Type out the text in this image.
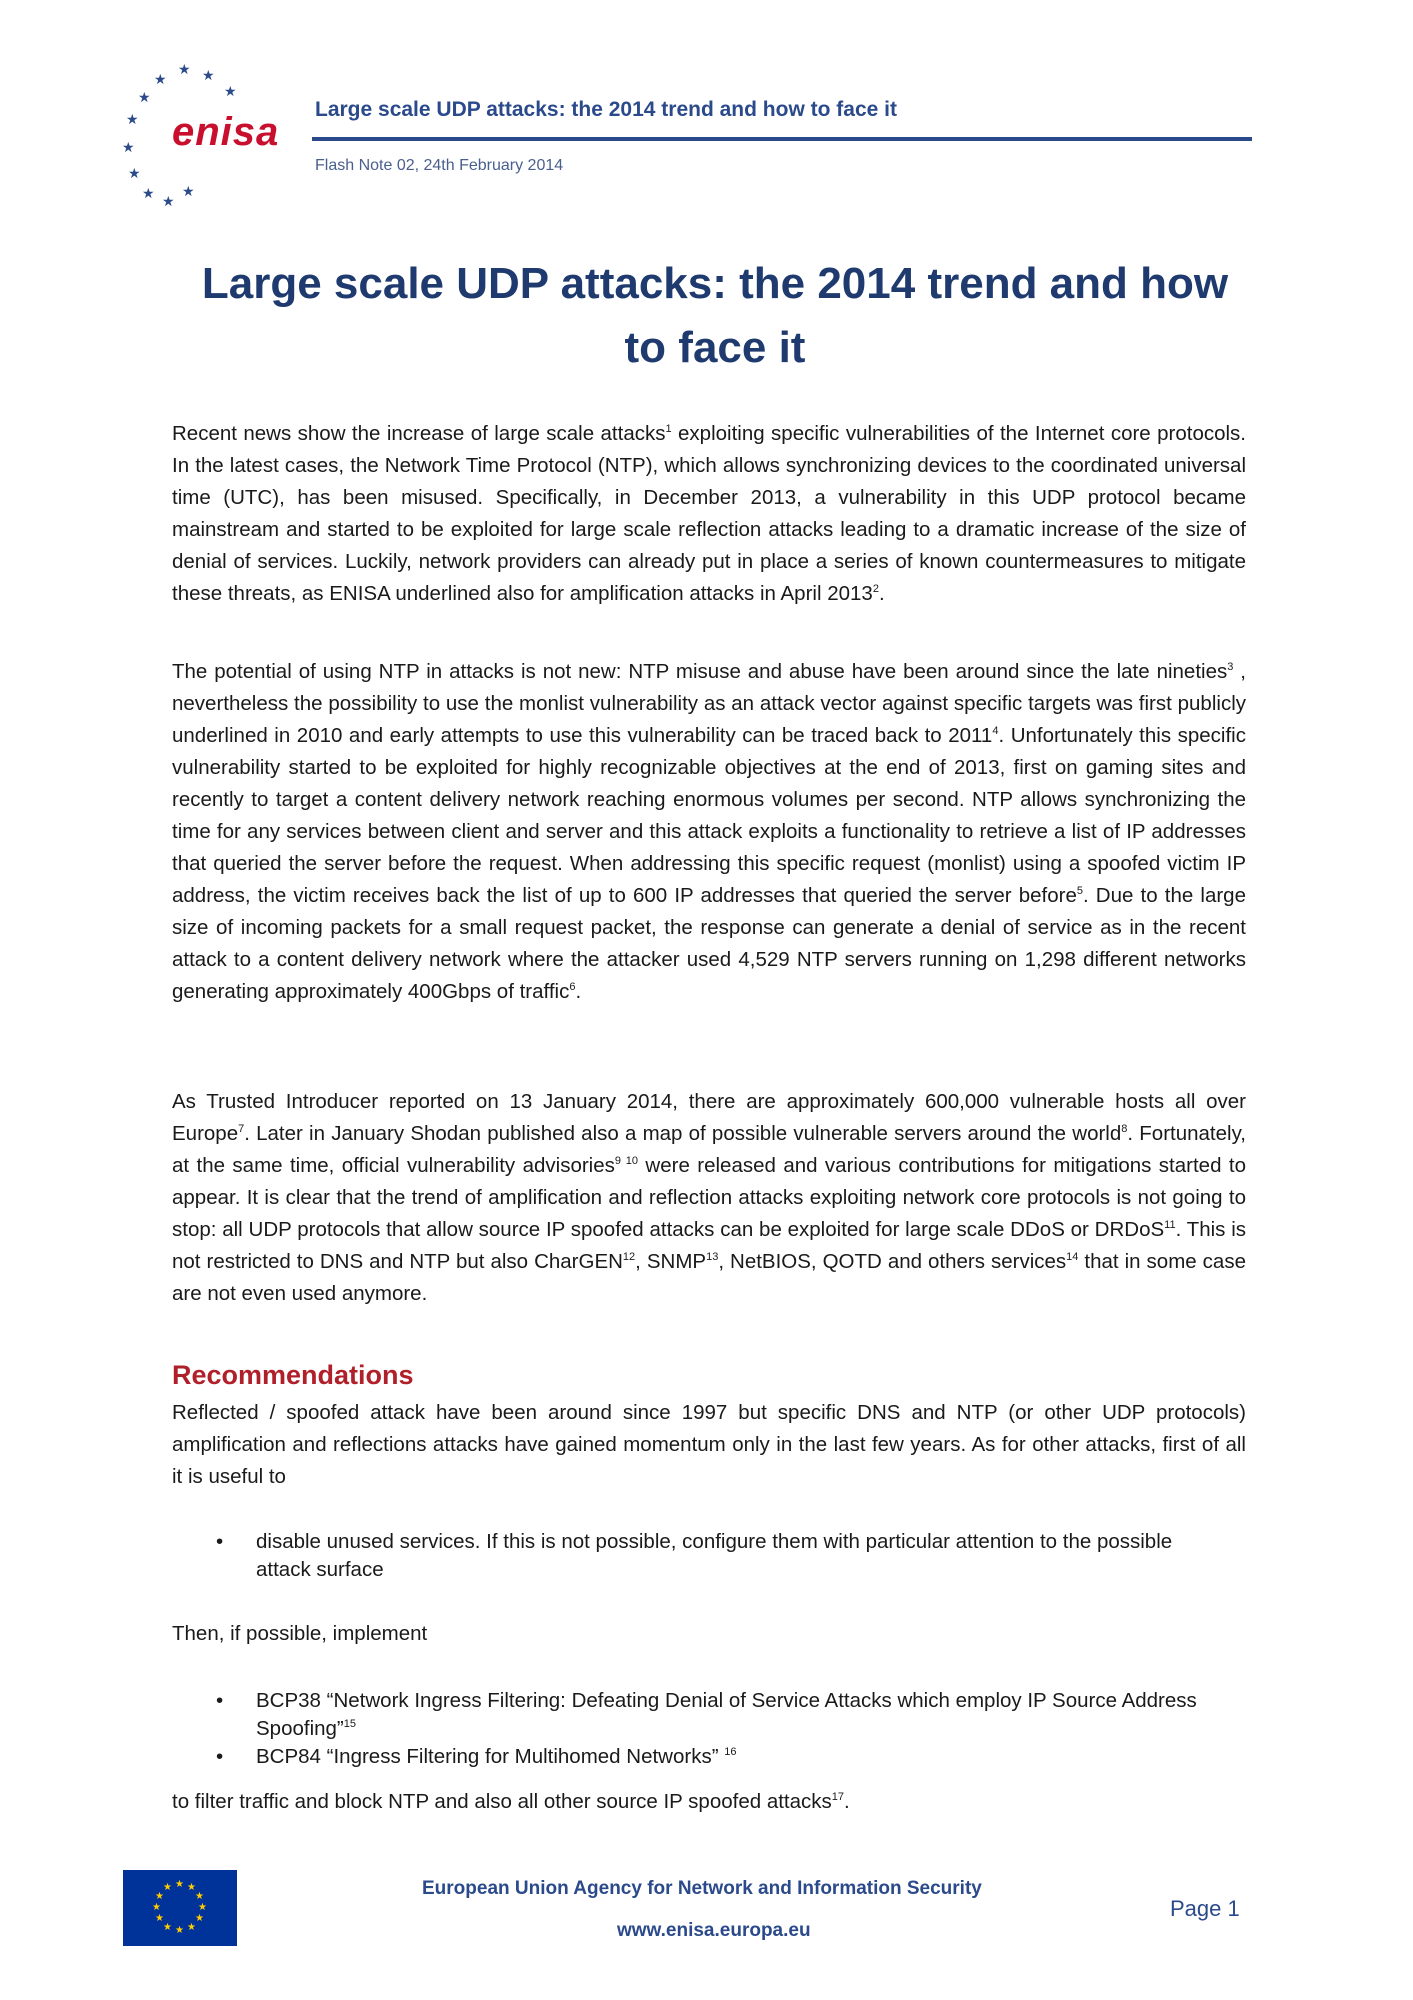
★ ★
★
★	★
★
★
★
★ ★
★
enisa
Large scale UDP attacks: the 2014 trend and how to face it
Flash Note 02, 24th February 2014
Large scale UDP attacks: the 2014 trend and how
to face it
Recent news show the increase of large scale attacks$^1$ exploiting specific vulnerabilities of the Internet core protocols. In the latest cases, the Network Time Protocol (NTP), which allows synchronizing devices to the coordinated universal time (UTC), has been misused. Specifically, in December 2013, a vulnerability in this UDP protocol became mainstream and started to be exploited for large scale reflection attacks leading to a dramatic increase of the size of denial of services. Luckily, network providers can already put in place a series of known countermeasures to mitigate these threats, as ENISA underlined also for amplification attacks in April 2013$^2$.
The potential of using NTP in attacks is not new: NTP misuse and abuse have been around since the late nineties$^3$ , nevertheless the possibility to use the monlist vulnerability as an attack vector against specific targets was first publicly underlined in 2010 and early attempts to use this vulnerability can be traced back to 2011$^4$. Unfortunately this specific vulnerability started to be exploited for highly recognizable objectives at the end of 2013, first on gaming sites and recently to target a content delivery network reaching enormous volumes per second. NTP allows synchronizing the time for any services between client and server and this attack exploits a functionality to retrieve a list of IP addresses that queried the server before the request. When addressing this specific request (monlist) using a spoofed victim IP address, the victim receives back the list of up to 600 IP addresses that queried the server before$^5$. Due to the large size of incoming packets for a small request packet, the response can generate a denial of service as in the recent attack to a content delivery network where the attacker used 4,529 NTP servers running on 1,298 different networks generating approximately 400Gbps of traffic$^6$.
As Trusted Introducer reported on 13 January 2014, there are approximately 600,000 vulnerable hosts all over Europe$^7$. Later in January Shodan published also a map of possible vulnerable servers around the world$^8$. Fortunately, at the same time, official vulnerability advisories$^{9 10}$ were released and various contributions for mitigations started to appear. It is clear that the trend of amplification and reflection attacks exploiting network core protocols is not going to stop: all UDP protocols that allow source IP spoofed attacks can be exploited for large scale DDoS or DRDoS$^{11}$. This is not restricted to DNS and NTP but also CharGEN$^{12}$, SNMP$^{13}$, NetBIOS, QOTD and others services$^{14}$ that in some case are not even used anymore.
Recommendations
Reflected / spoofed attack have been around since 1997 but specific DNS and NTP (or other UDP protocols) amplification and reflections attacks have gained momentum only in the last few years. As for other attacks, first of all it is useful to
• disable unused services. If this is not possible, configure them with particular attention to the possible attack surface
Then, if possible, implement
• BCP38 “Network Ingress Filtering: Defeating Denial of Service Attacks which employ IP Source Address Spoofing”$^{15}$
• BCP84 “Ingress Filtering for Multihomed Networks” $^{16}$
to filter traffic and block NTP and also all other source IP spoofed attacks$^{17}$.
★ ★
★
★
★
★
★
★
★
★
★
★	European Union Agency for Network and Information Security
www.enisa.europa.eu
Page 1
